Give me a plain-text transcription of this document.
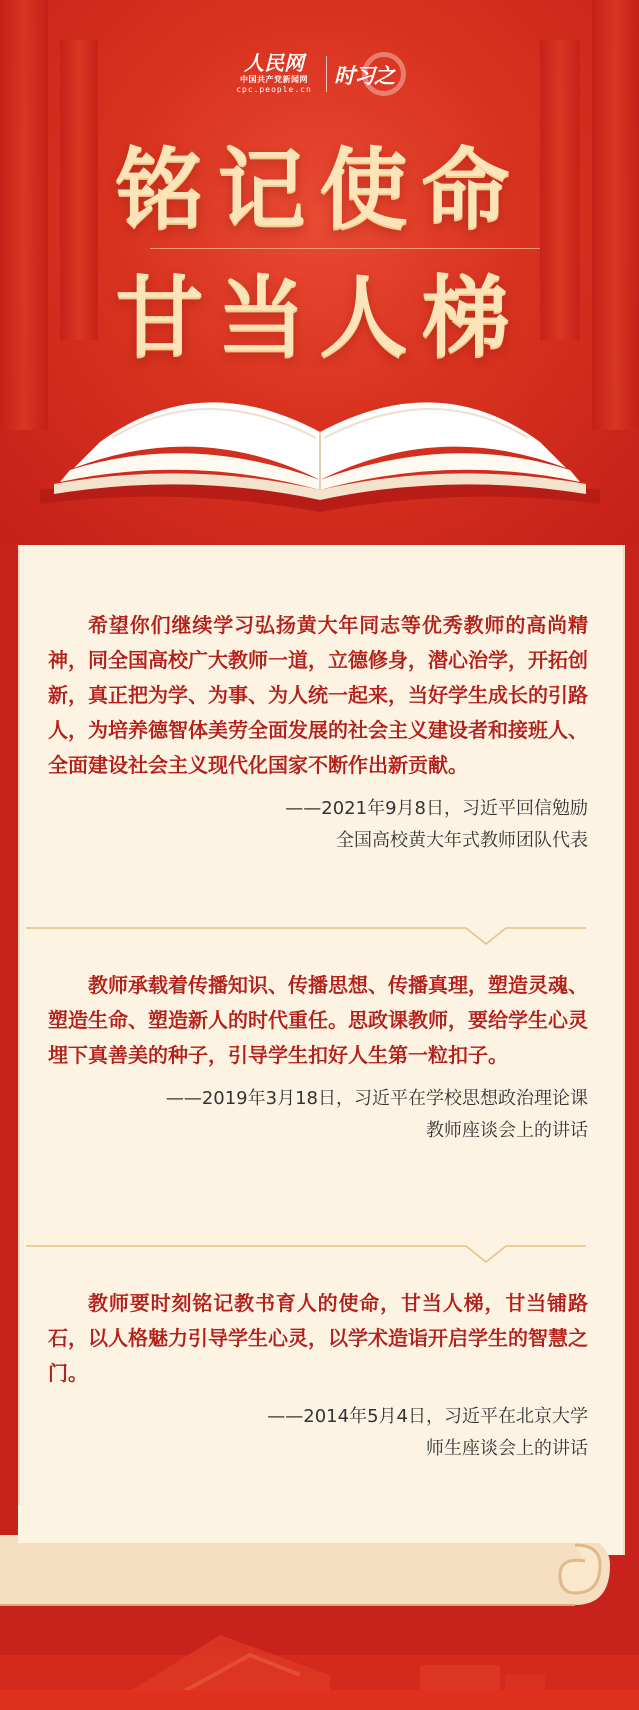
人民网
中国共产党新闻网
cpc.people.cn
时习之
铭记使命
甘当人梯

希望你们继续学习弘扬黄大年同志等优秀教师的高尚精神，同全国高校广大教师一道，立德修身，潜心治学，开拓创新，真正把为学、为事、为人统一起来，当好学生成长的引路人，为培养德智体美劳全面发展的社会主义建设者和接班人、全面建设社会主义现代化国家不断作出新贡献。

——2021年9月8日，习近平回信勉励
全国高校黄大年式教师团队代表

教师承载着传播知识、传播思想、传播真理，塑造灵魂、塑造生命、塑造新人的时代重任。思政课教师，要给学生心灵埋下真善美的种子，引导学生扣好人生第一粒扣子。

——2019年3月18日，习近平在学校思想政治理论课
教师座谈会上的讲话

教师要时刻铭记教书育人的使命，甘当人梯，甘当铺路石，以人格魅力引导学生心灵，以学术造诣开启学生的智慧之门。

——2014年5月4日，习近平在北京大学
师生座谈会上的讲话
